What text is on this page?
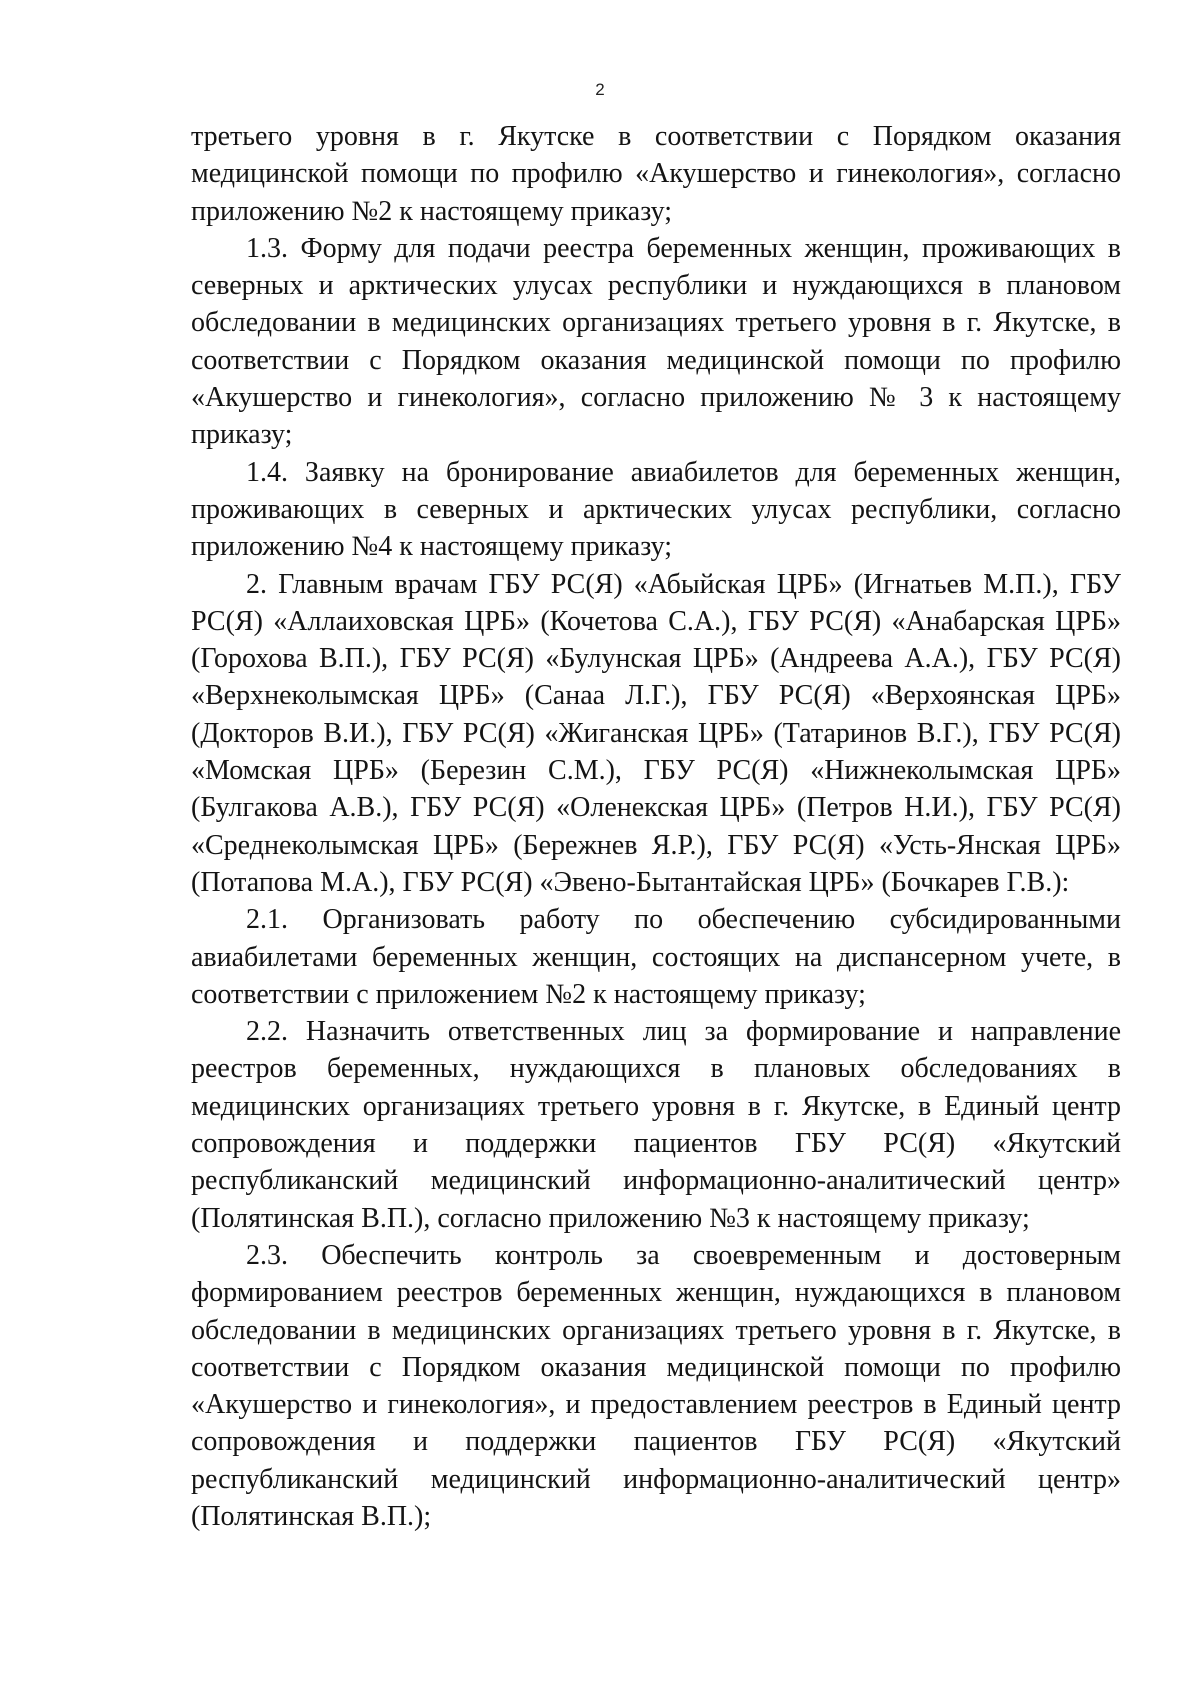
2

третьего уровня в г. Якутске в соответствии с Порядком оказания медицинской помощи по профилю «Акушерство и гинекология», согласно приложению №2 к настоящему приказу;

1.3. Форму для подачи реестра беременных женщин, проживающих в северных и арктических улусах республики и нуждающихся в плановом обследовании в медицинских организациях третьего уровня в г. Якутске, в соответствии с Порядком оказания медицинской помощи по профилю «Акушерство и гинекология», согласно приложению № 3 к настоящему приказу;

1.4. Заявку на бронирование авиабилетов для беременных женщин, проживающих в северных и арктических улусах республики, согласно приложению №4 к настоящему приказу;

2. Главным врачам ГБУ РС(Я) «Абыйская ЦРБ» (Игнатьев М.П.), ГБУ РС(Я) «Аллаиховская ЦРБ» (Кочетова С.А.), ГБУ РС(Я) «Анабарская ЦРБ» (Горохова В.П.), ГБУ РС(Я) «Булунская ЦРБ» (Андреева А.А.), ГБУ РС(Я) «Верхнеколымская ЦРБ» (Санаа Л.Г.), ГБУ РС(Я) «Верхоянская ЦРБ» (Докторов В.И.), ГБУ РС(Я) «Жиганская ЦРБ» (Татаринов В.Г.), ГБУ РС(Я) «Момская ЦРБ» (Березин С.М.), ГБУ РС(Я) «Нижнеколымская ЦРБ» (Булгакова А.В.), ГБУ РС(Я) «Оленекская ЦРБ» (Петров Н.И.), ГБУ РС(Я) «Среднеколымская ЦРБ» (Бережнев Я.Р.), ГБУ РС(Я) «Усть-Янская ЦРБ» (Потапова М.А.), ГБУ РС(Я) «Эвено-Бытантайская ЦРБ» (Бочкарев Г.В.):

2.1. Организовать работу по обеспечению субсидированными авиабилетами беременных женщин, состоящих на диспансерном учете, в соответствии с приложением №2 к настоящему приказу;

2.2. Назначить ответственных лиц за формирование и направление реестров беременных, нуждающихся в плановых обследованиях в медицинских организациях третьего уровня в г. Якутске, в Единый центр сопровождения и поддержки пациентов ГБУ РС(Я) «Якутский республиканский медицинский информационно-аналитический центр» (Полятинская В.П.), согласно приложению №3 к настоящему приказу;

2.3. Обеспечить контроль за своевременным и достоверным формированием реестров беременных женщин, нуждающихся в плановом обследовании в медицинских организациях третьего уровня в г. Якутске, в соответствии с Порядком оказания медицинской помощи по профилю «Акушерство и гинекология», и предоставлением реестров в Единый центр сопровождения и поддержки пациентов ГБУ РС(Я) «Якутский республиканский медицинский информационно-аналитический центр» (Полятинская В.П.);
